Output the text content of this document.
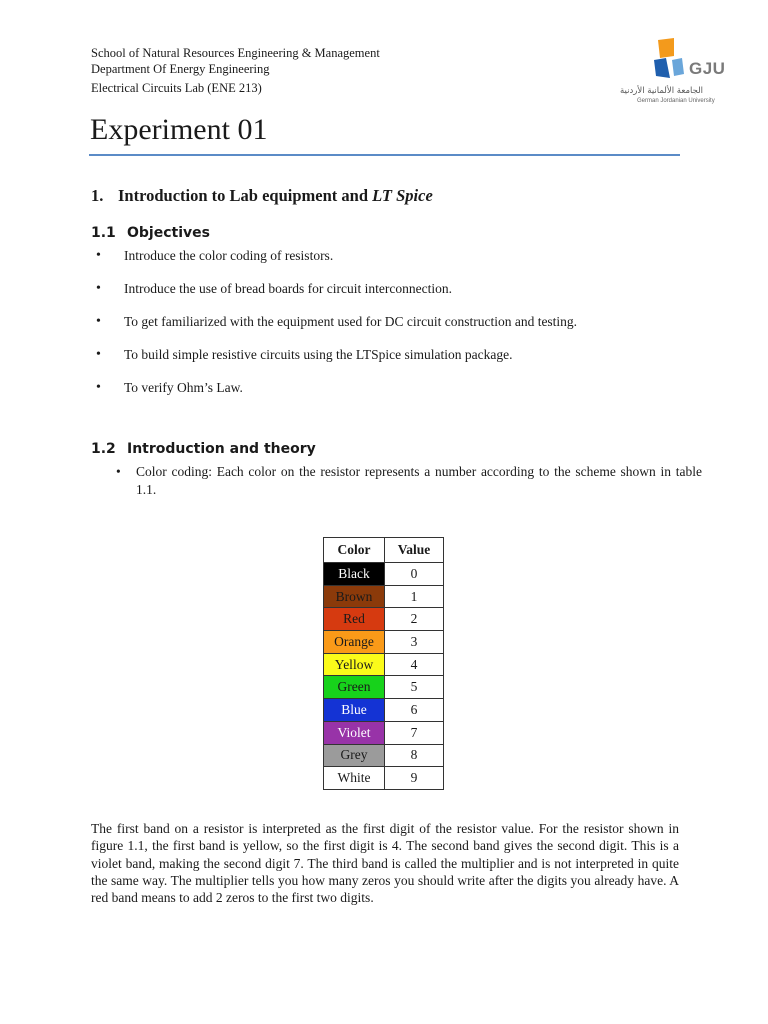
School of Natural Resources Engineering & Management
Department Of Energy Engineering
Electrical Circuits Lab (ENE 213)
GJU
الجامعة الألمانية الأردنية
German Jordanian University
Experiment 01
1. Introduction to Lab equipment and LT Spice
1.1 Objectives
• Introduce the color coding of resistors.
• Introduce the use of bread boards for circuit interconnection.
• To get familiarized with the equipment used for DC circuit construction and testing.
• To build simple resistive circuits using the LTSpice simulation package.
• To verify Ohm’s Law.
1.2 Introduction and theory
• Color coding: Each color on the resistor represents a number according to the scheme shown in table 1.1.
Color	Value
Black	0
Brown	1
Red	2
Orange	3
Yellow	4
Green	5
Blue	6
Violet	7
Grey	8
White	9
The first band on a resistor is interpreted as the first digit of the resistor value. For the resistor shown in figure 1.1, the first band is yellow, so the first digit is 4. The second band gives the second digit. This is a violet band, making the second digit 7. The third band is called the multiplier and is not interpreted in quite the same way. The multiplier tells you how many zeros you should write after the digits you already have. A red band means to add 2 zeros to the first two digits.
